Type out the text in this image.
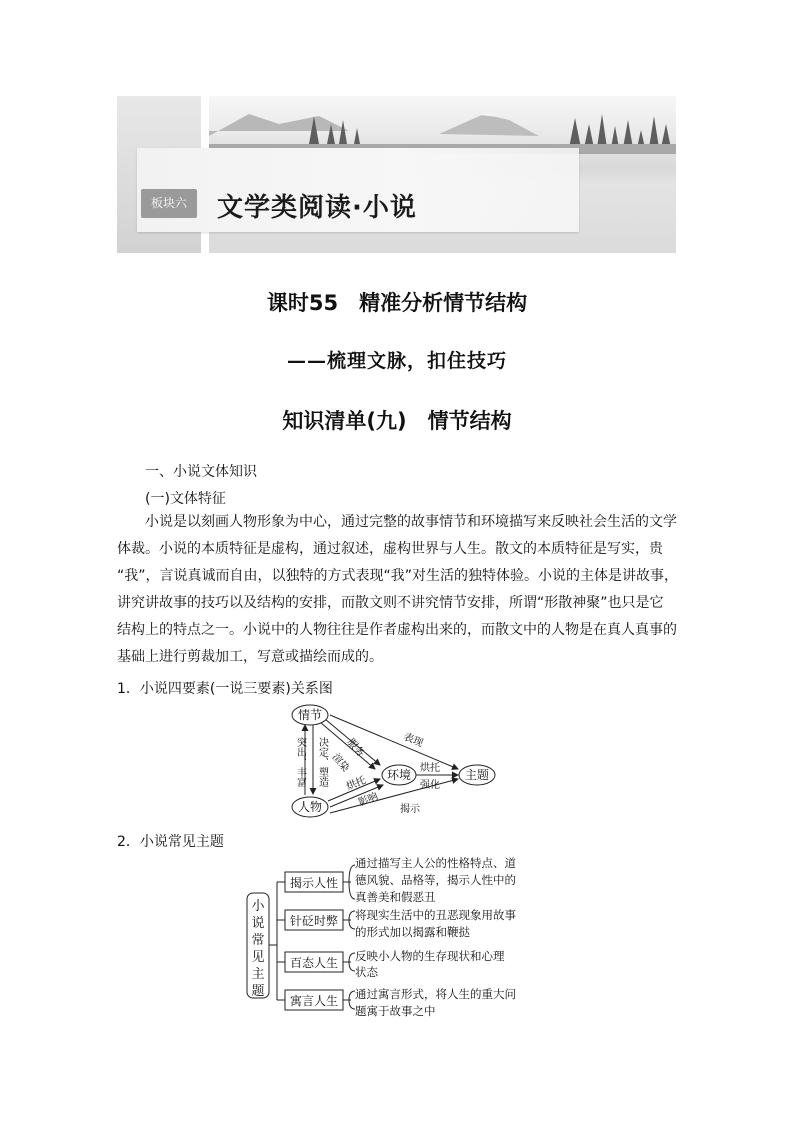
板块六	文学类阅读·小说
课时55　精准分析情节结构
——梳理文脉，扣住技巧
知识清单(九)　情节结构
一、小说文体知识
(一)文体特征
　　小说是以刻画人物形象为中心，通过完整的故事情节和环境描写来反映社会生活的文学
体裁。小说的本质特征是虚构，通过叙述，虚构世界与人生。散文的本质特征是写实，贵
“我”，言说真诚而自由，以独特的方式表现“我”对生活的独特体验。小说的主体是讲故事，
讲究讲故事的技巧以及结构的安排，而散文则不讲究情节安排，所谓“形散神聚”也只是它
结构上的特点之一。小说中的人物往往是作者虚构出来的，而散文中的人物是在真人真事的
基础上进行剪裁加工，写意或描绘而成的。
1．小说四要素(一说三要素)关系图
情节
环境	主题
人物
表现
服务
渲染	烘托
强化
烘托
影响
揭示
突出、丰富 决定、塑造
2．小说常见主题
小
说
常
见
主
题
揭示人性
针砭时弊
百态人生
寓言人生
通过描写主人公的性格特点、道
德风貌、品格等，揭示人性中的
真善美和假恶丑
将现实生活中的丑恶现象用故事
的形式加以揭露和鞭挞
反映小人物的生存现状和心理
状态
通过寓言形式，将人生的重大问
题寓于故事之中
